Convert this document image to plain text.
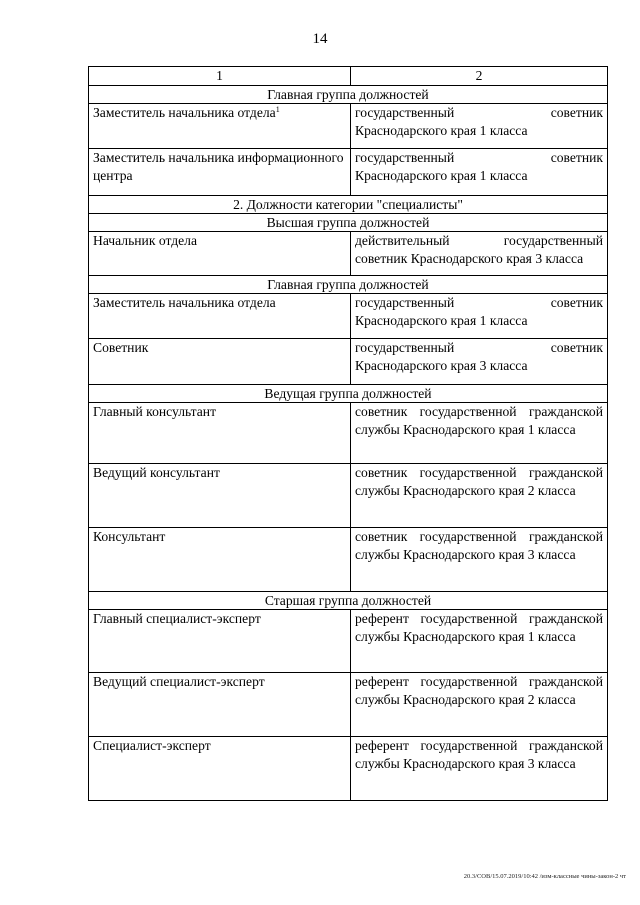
14
1	2
Главная группа должностей	
Заместитель начальника отдела$^1$	государственный советник Краснодарского края 1 класса
Заместитель начальника информационного центра	государственный советник Краснодарского края 1 класса
2. Должности категории "специалисты"	
Высшая группа должностей	
Начальник отдела	действительный государственный советник Краснодарского края 3 класса
Главная группа должностей	
Заместитель начальника отдела	государственный советник Краснодарского края 1 класса
Советник	государственный советник Краснодарского края 3 класса
Ведущая группа должностей	
Главный консультант	советник государственной гражданской службы Краснодарского края 1 класса
Ведущий консультант	советник государственной гражданской службы Краснодарского края 2 класса
Консультант	советник государственной гражданской службы Краснодарского края 3 класса
Старшая группа должностей	
Главный специалист-эксперт	референт государственной гражданской службы Краснодарского края 1 класса
Ведущий специалист-эксперт	референт государственной гражданской службы Краснодарского края 2 класса
Специалист-эксперт	референт государственной гражданской службы Краснодарского края 3 класса
20.3/СОВ/15.07.2019/10:42 /изм-классные чины-закон-2 чт
